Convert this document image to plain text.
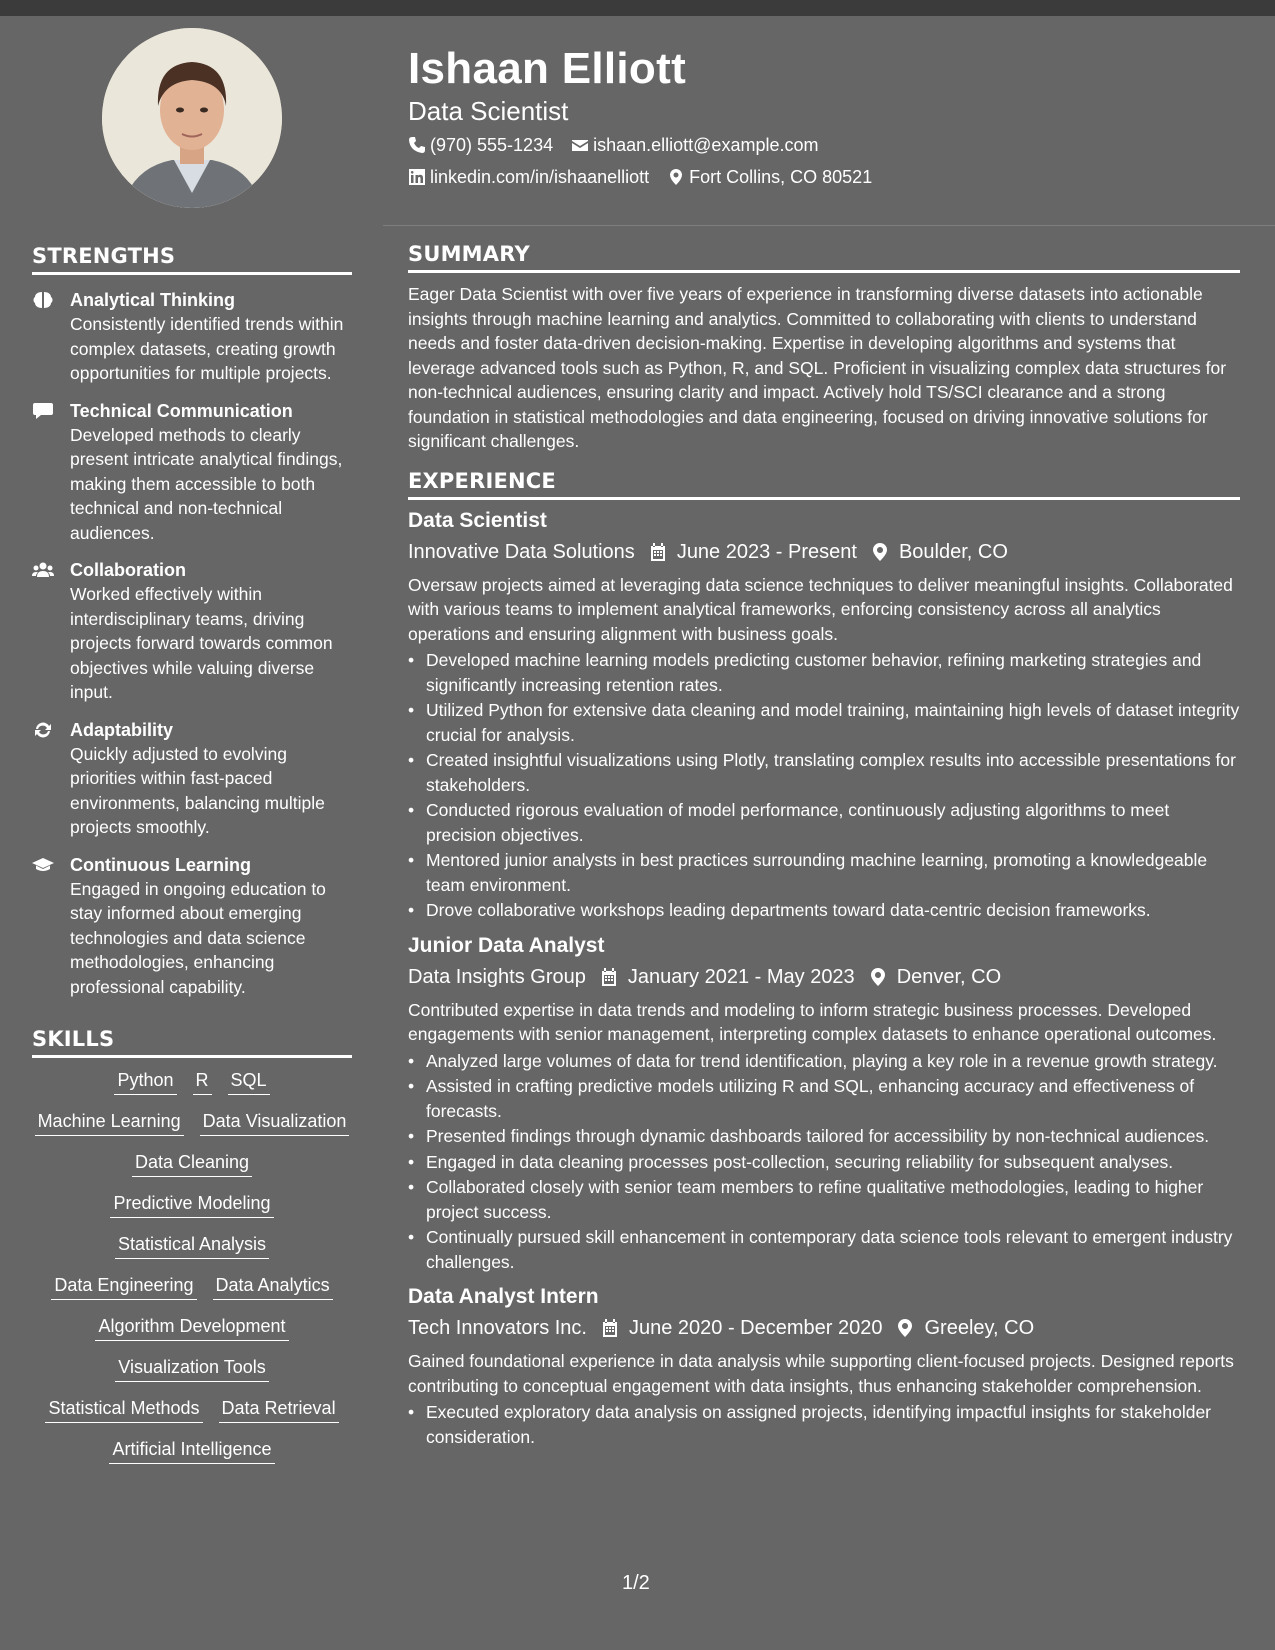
STRENGTHS
Analytical Thinking
Consistently identified trends within complex datasets, creating growth opportunities for multiple projects.
Technical Communication
Developed methods to clearly present intricate analytical findings, making them accessible to both technical and non-technical audiences.
Collaboration
Worked effectively within interdisciplinary teams, driving projects forward towards common objectives while valuing diverse input.
Adaptability
Quickly adjusted to evolving priorities within fast-paced environments, balancing multiple projects smoothly.
Continuous Learning
Engaged in ongoing education to stay informed about emerging technologies and data science methodologies, enhancing professional capability.
SKILLS
Python R SQL
Machine Learning Data Visualization
Data Cleaning
Predictive Modeling
Statistical Analysis
Data Engineering Data Analytics
Algorithm Development
Visualization Tools
Statistical Methods Data Retrieval
Artificial Intelligence
Ishaan Elliott
Data Scientist
(970) 555-1234 ishaan.elliott@example.com
linkedin.com/in/ishaanelliott Fort Collins, CO 80521
SUMMARY
Eager Data Scientist with over five years of experience in transforming diverse datasets into actionable insights through machine learning and analytics. Committed to collaborating with clients to understand needs and foster data-driven decision-making. Expertise in developing algorithms and systems that leverage advanced tools such as Python, R, and SQL. Proficient in visualizing complex data structures for non-technical audiences, ensuring clarity and impact. Actively hold TS/SCI clearance and a strong foundation in statistical methodologies and data engineering, focused on driving innovative solutions for significant challenges.
EXPERIENCE
Data Scientist
Innovative Data Solutions June 2023 - Present Boulder, CO
Oversaw projects aimed at leveraging data science techniques to deliver meaningful insights. Collaborated with various teams to implement analytical frameworks, enforcing consistency across all analytics operations and ensuring alignment with business goals.
• Developed machine learning models predicting customer behavior, refining marketing strategies and significantly increasing retention rates.
• Utilized Python for extensive data cleaning and model training, maintaining high levels of dataset integrity crucial for analysis.
• Created insightful visualizations using Plotly, translating complex results into accessible presentations for stakeholders.
• Conducted rigorous evaluation of model performance, continuously adjusting algorithms to meet precision objectives.
• Mentored junior analysts in best practices surrounding machine learning, promoting a knowledgeable team environment.
• Drove collaborative workshops leading departments toward data-centric decision frameworks.
Junior Data Analyst
Data Insights Group January 2021 - May 2023 Denver, CO
Contributed expertise in data trends and modeling to inform strategic business processes. Developed engagements with senior management, interpreting complex datasets to enhance operational outcomes.
• Analyzed large volumes of data for trend identification, playing a key role in a revenue growth strategy.
• Assisted in crafting predictive models utilizing R and SQL, enhancing accuracy and effectiveness of forecasts.
• Presented findings through dynamic dashboards tailored for accessibility by non-technical audiences.
• Engaged in data cleaning processes post-collection, securing reliability for subsequent analyses.
• Collaborated closely with senior team members to refine qualitative methodologies, leading to higher project success.
• Continually pursued skill enhancement in contemporary data science tools relevant to emergent industry challenges.
Data Analyst Intern
Tech Innovators Inc. June 2020 - December 2020 Greeley, CO
Gained foundational experience in data analysis while supporting client-focused projects. Designed reports contributing to conceptual engagement with data insights, thus enhancing stakeholder comprehension.
• Executed exploratory data analysis on assigned projects, identifying impactful insights for stakeholder consideration.
1/2
